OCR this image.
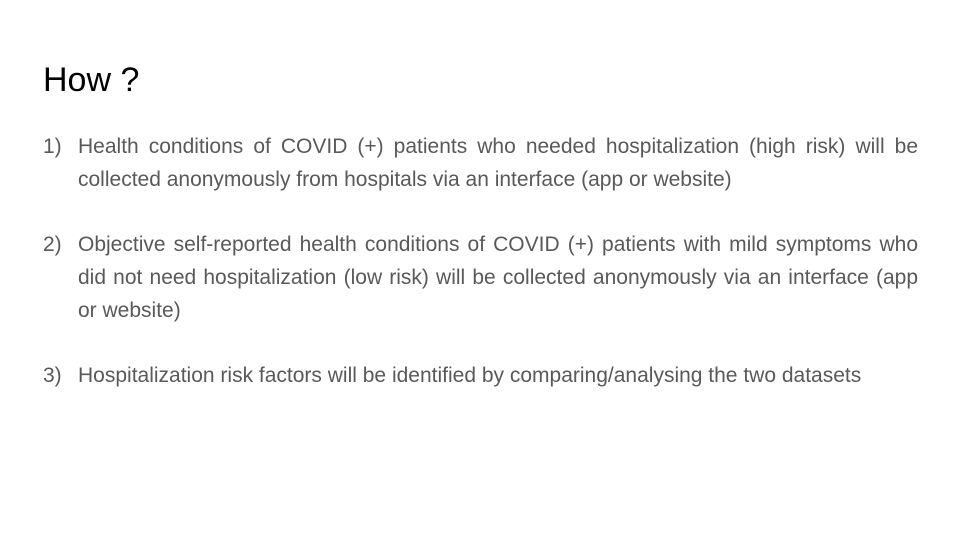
How ?
1) Health conditions of COVID (+) patients who needed hospitalization (high risk) will be collected anonymously from hospitals via an interface (app or website)
2) Objective self-reported health conditions of COVID (+) patients with mild symptoms who did not need hospitalization (low risk) will be collected anonymously via an interface (app or website)
3) Hospitalization risk factors will be identified by comparing/analysing the two datasets
